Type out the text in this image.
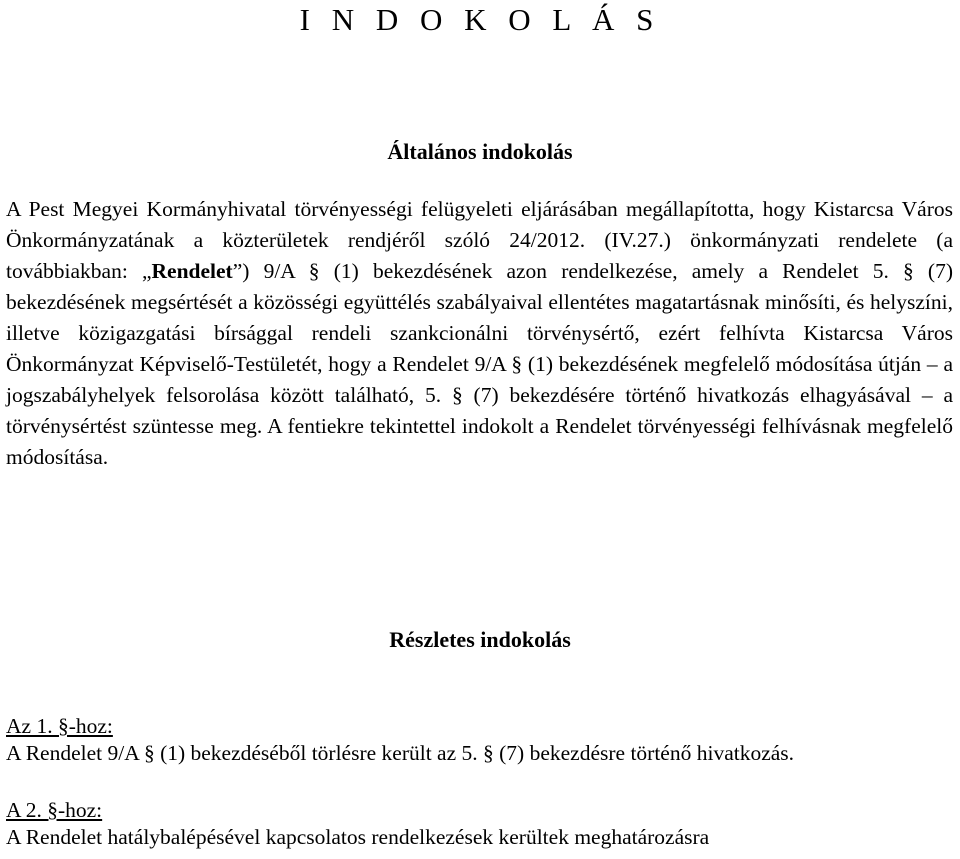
I N D O K O L Á S
Általános indokolás

A Pest Megyei Kormányhivatal törvényességi felügyeleti eljárásában megállapította, hogy Kistarcsa Város Önkormányzatának a közterületek rendjéről szóló 24/2012. (IV.27.) önkormányzati rendelete (a továbbiakban: „Rendelet”) 9/A § (1) bekezdésének azon rendelkezése, amely a Rendelet 5. § (7) bekezdésének megsértését a közösségi együttélés szabályaival ellentétes magatartásnak minősíti, és helyszíni, illetve közigazgatási bírsággal rendeli szankcionálni törvénysértő, ezért felhívta Kistarcsa Város Önkormányzat Képviselő-Testületét, hogy a Rendelet 9/A § (1) bekezdésének megfelelő módosítása útján – a jogszabályhelyek felsorolása között található, 5. § (7) bekezdésére történő hivatkozás elhagyásával – a törvénysértést szüntesse meg. A fentiekre tekintettel indokolt a Rendelet törvényességi felhívásnak megfelelő módosítása.

Részletes indokolás

Az 1. §-hoz:

A Rendelet 9/A § (1) bekezdéséből törlésre került az 5. § (7) bekezdésre történő hivatkozás.

A 2. §-hoz:

A Rendelet hatálybalépésével kapcsolatos rendelkezések kerültek meghatározásra
